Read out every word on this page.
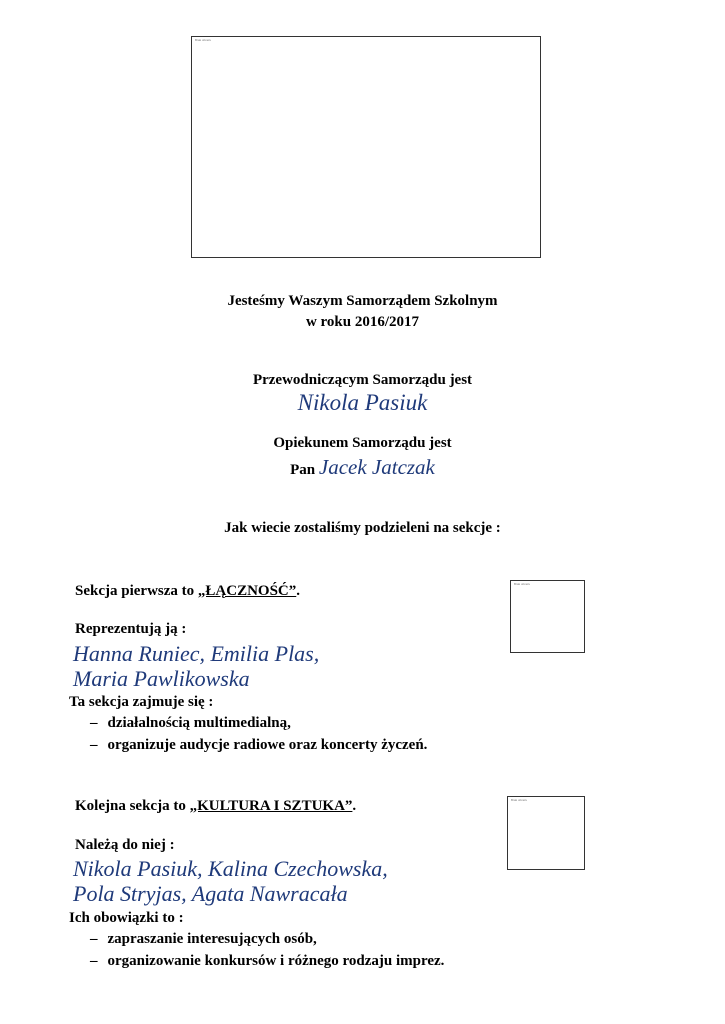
Brak obrazu
Jesteśmy Waszym Samorządem Szkolnym
w roku 2016/2017
Przewodniczącym Samorządu jest
Nikola Pasiuk
Opiekunem Samorządu jest
Pan Jacek Jatczak
Jak wiecie zostaliśmy podzieleni na sekcje :
Sekcja pierwsza to „ŁĄCZNOŚĆ”.	Brak obrazu
Reprezentują ją :
Hanna Runiec, Emilia Plas,
Maria Pawlikowska
Ta sekcja zajmuje się :
– działalnością multimedialną,
– organizuje audycje radiowe oraz koncerty życzeń.
Kolejna sekcja to „KULTURA I SZTUKA”.	Brak obrazu
Należą do niej :
Nikola Pasiuk, Kalina Czechowska,
Pola Stryjas, Agata Nawracała
Ich obowiązki to :
– zapraszanie interesujących osób,
– organizowanie konkursów i różnego rodzaju imprez.
